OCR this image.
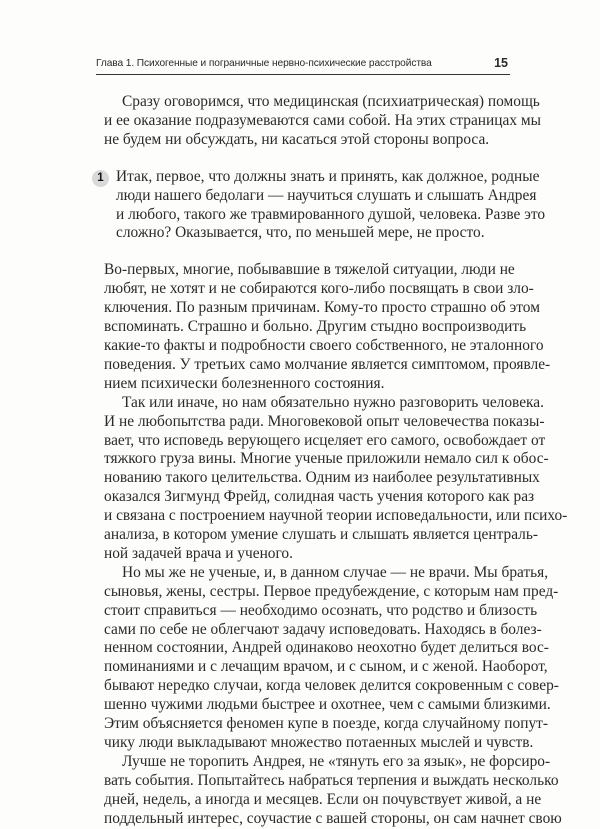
Глава 1. Психогенные и пограничные нервно-психические расстройства	15
Сразу оговоримся, что медицинская (психиатрическая) помощь
и ее оказание подразумеваются сами собой. На этих страницах мы
не будем ни обсуждать, ни касаться этой стороны вопроса.
1 Итак, первое, что должны знать и принять, как должное, родные
люди нашего бедолаги — научиться слушать и слышать Андрея
и любого, такого же травмированного душой, человека. Разве это
сложно? Оказывается, что, по меньшей мере, не просто.
Во-первых, многие, побывавшие в тяжелой ситуации, люди не
любят, не хотят и не собираются кого-либо посвящать в свои зло-
ключения. По разным причинам. Кому-то просто страшно об этом
вспоминать. Страшно и больно. Другим стыдно воспроизводить
какие-то факты и подробности своего собственного, не эталонного
поведения. У третьих само молчание является симптомом, проявле-
нием психически болезненного состояния.
Так или иначе, но нам обязательно нужно разговорить человека.
И не любопытства ради. Многовековой опыт человечества показы-
вает, что исповедь верующего исцеляет его самого, освобождает от
тяжкого груза вины. Многие ученые приложили немало сил к обос-
нованию такого целительства. Одним из наиболее результативных
оказался Зигмунд Фрейд, солидная часть учения которого как раз
и связана с построением научной теории исповедальности, или психо-
анализа, в котором умение слушать и слышать является централь-
ной задачей врача и ученого.
Но мы же не ученые, и, в данном случае — не врачи. Мы братья,
сыновья, жены, сестры. Первое предубеждение, с которым нам пред-
стоит справиться — необходимо осознать, что родство и близость
сами по себе не облегчают задачу исповедовать. Находясь в болез-
ненном состоянии, Андрей одинаково неохотно будет делиться вос-
поминаниями и с лечащим врачом, и с сыном, и с женой. Наоборот,
бывают нередко случаи, когда человек делится сокровенным с совер-
шенно чужими людьми быстрее и охотнее, чем с самыми близкими.
Этим объясняется феномен купе в поезде, когда случайному попут-
чику люди выкладывают множество потаенных мыслей и чувств.
Лучше не торопить Андрея, не «тянуть его за язык», не форсиро-
вать события. Попытайтесь набраться терпения и выждать несколько
дней, недель, а иногда и месяцев. Если он почувствует живой, а не
поддельный интерес, соучастие с вашей стороны, он сам начнет свою
